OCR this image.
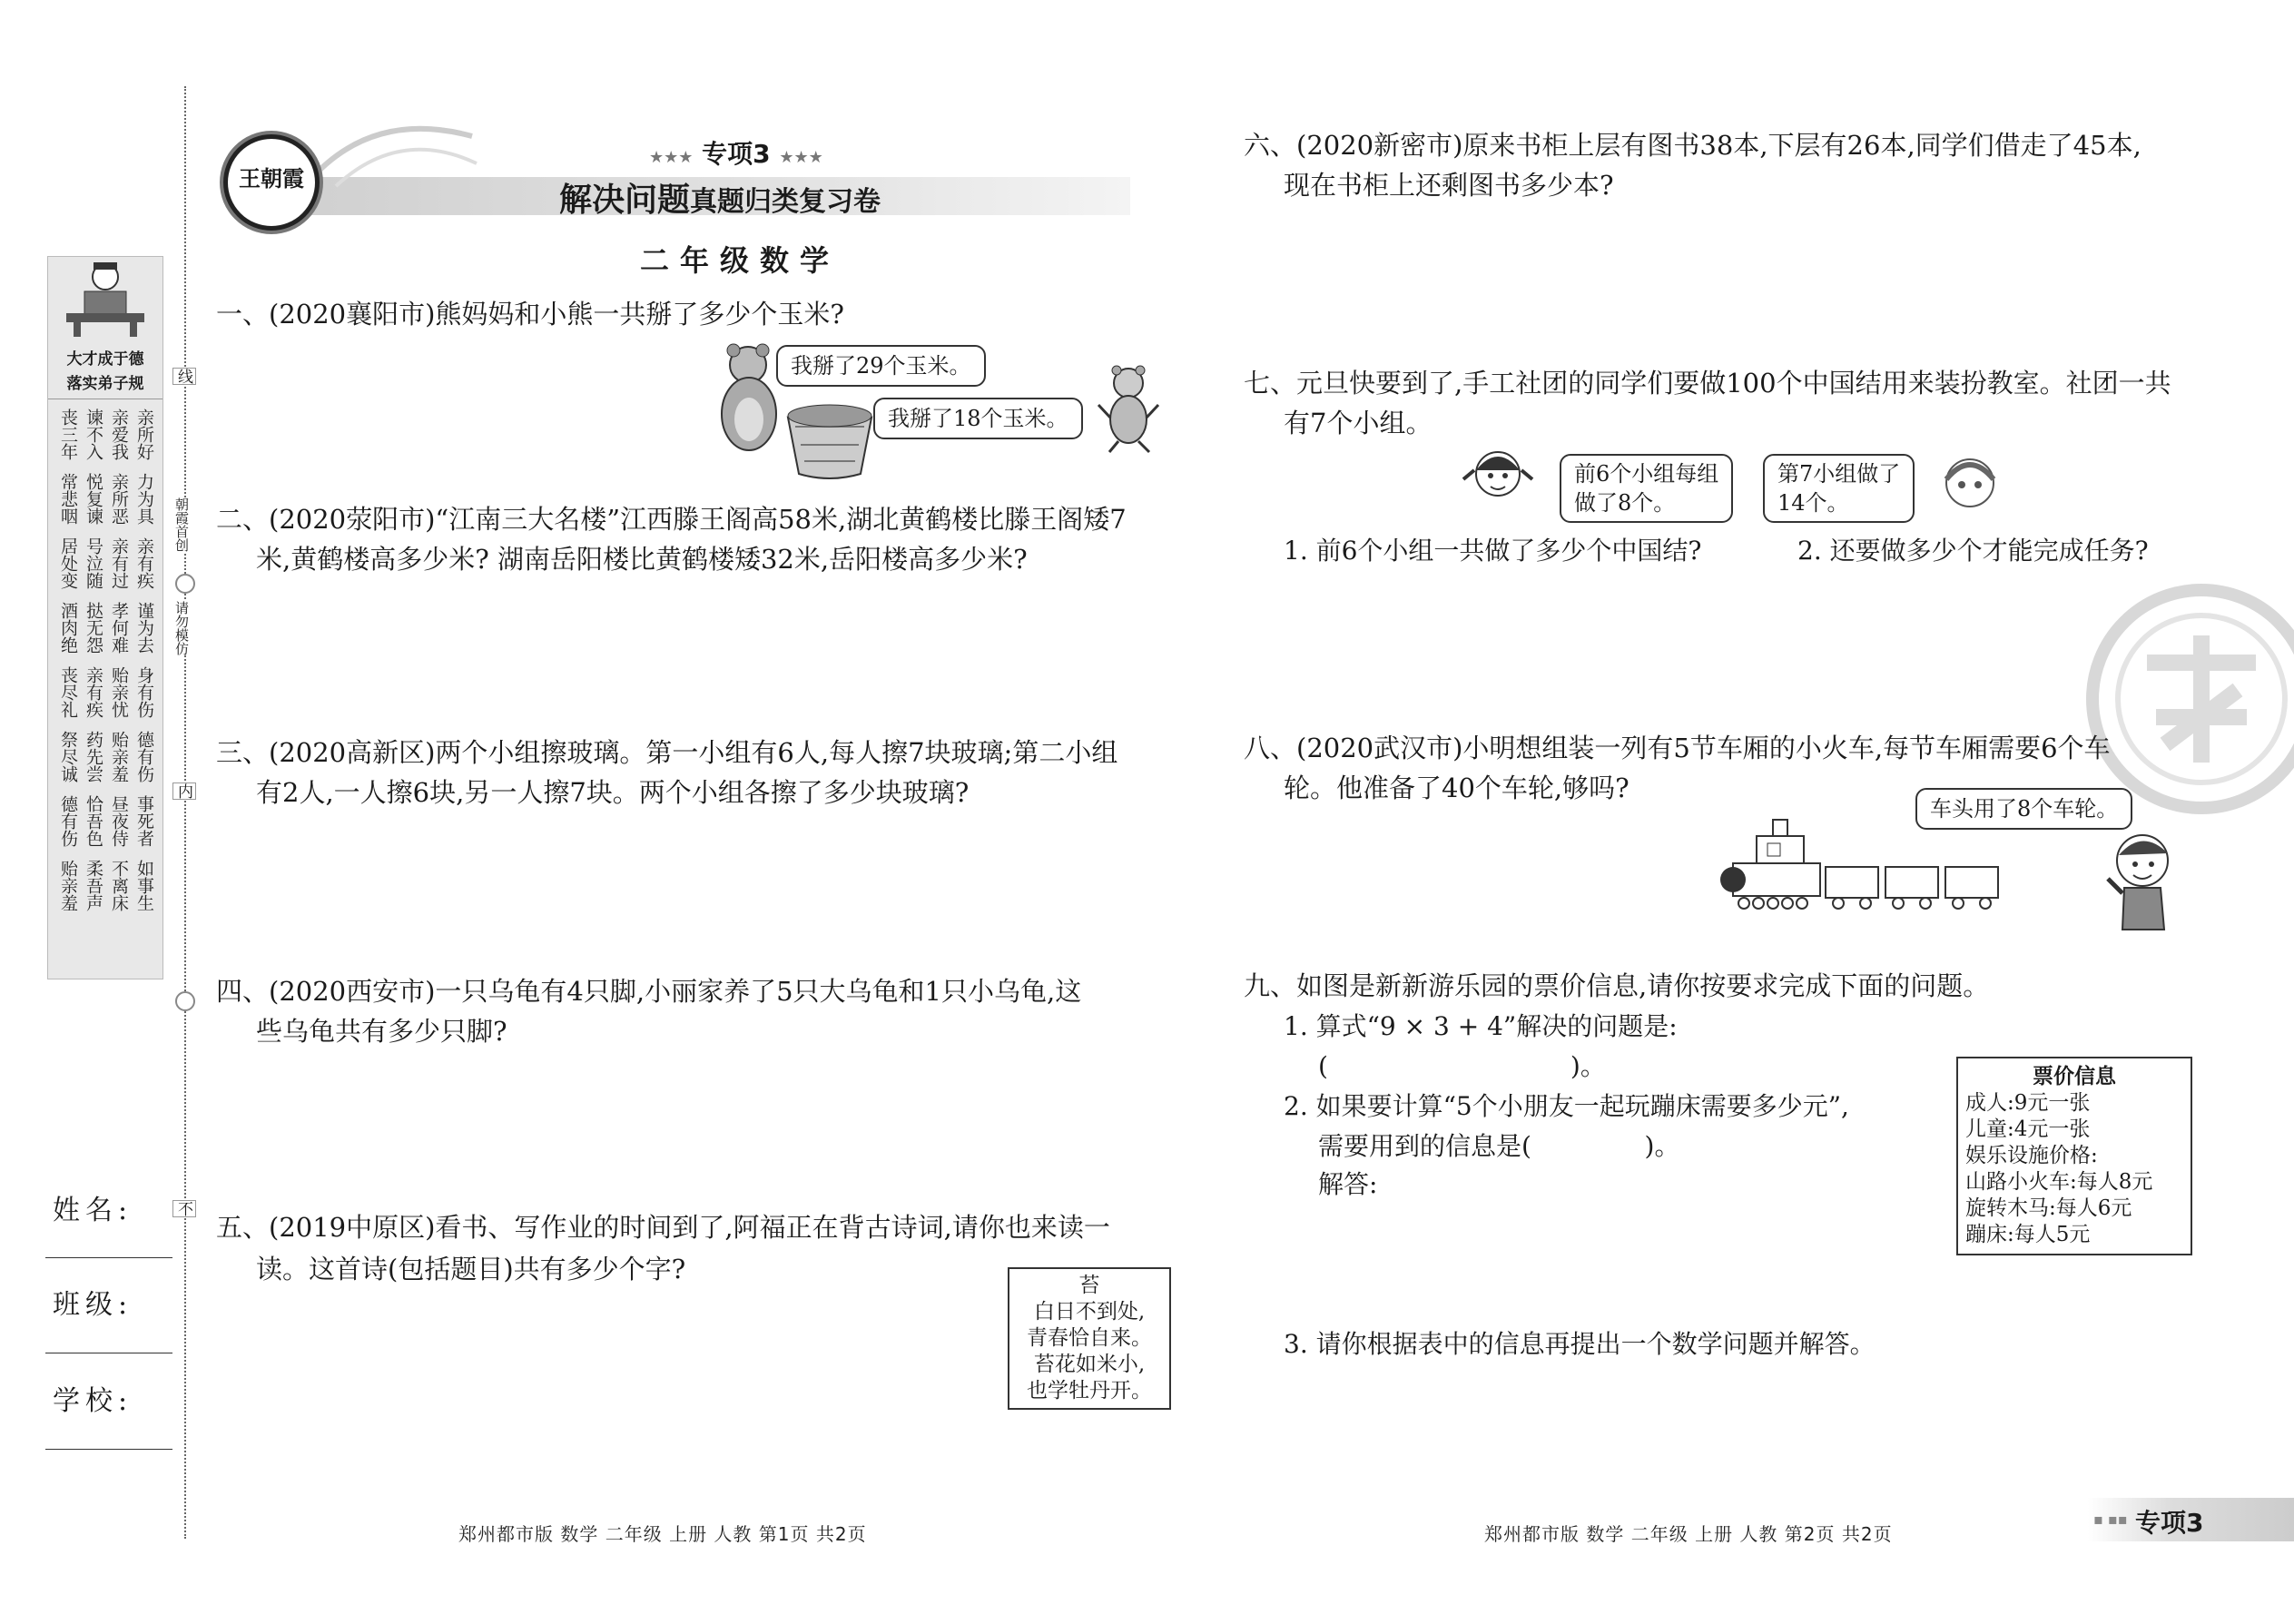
大才成于德
落实弟子规
亲所好
亲爱我
谏不入
丧三年
力为具
亲所恶
悦复谏
常悲咽
亲有疾
亲有过
号泣随
居处变
谨为去
孝何难
挞无怨
酒肉绝
身有伤
贻亲忧
亲有疾
丧尽礼
德有伤
贻亲羞
药先尝
祭尽诚
事死者
昼夜侍
恰吾色
德有伤
如事生
不离床
柔吾声
贻亲羞
线
朝霞首创
请勿模仿
内
不
姓名:
班级:
学校:
王朝霞
★★★ 专项3 ★★★
解决问题真题归类复习卷
二年级数学
一、(2020襄阳市)熊妈妈和小熊一共掰了多少个玉米?
我掰了29个玉米。
我掰了18个玉米。
二、(2020荥阳市)“江南三大名楼”江西滕王阁高58米,湖北黄鹤楼比滕王阁矮7
米,黄鹤楼高多少米? 湖南岳阳楼比黄鹤楼矮32米,岳阳楼高多少米?
三、(2020高新区)两个小组擦玻璃。第一小组有6人,每人擦7块玻璃;第二小组
有2人,一人擦6块,另一人擦7块。两个小组各擦了多少块玻璃?
四、(2020西安市)一只乌龟有4只脚,小丽家养了5只大乌龟和1只小乌龟,这
些乌龟共有多少只脚?
五、(2019中原区)看书、写作业的时间到了,阿福正在背古诗词,请你也来读一
读。这首诗(包括题目)共有多少个字?
苔
白日不到处,
青春恰自来。
苔花如米小,
也学牡丹开。
郑州都市版 数学 二年级 上册 人教 第1页 共2页
六、(2020新密市)原来书柜上层有图书38本,下层有26本,同学们借走了45本,
现在书柜上还剩图书多少本?
七、元旦快要到了,手工社团的同学们要做100个中国结用来装扮教室。社团一共
有7个小组。
前6个小组每组
做了8个。
第7小组做了
14个。
1. 前6个小组一共做了多少个中国结?	2. 还要做多少个才能完成任务?
八、(2020武汉市)小明想组装一列有5节车厢的小火车,每节车厢需要6个车
轮。他准备了40个车轮,够吗?
车头用了8个车轮。
九、如图是新新游乐园的票价信息,请你按要求完成下面的问题。
1. 算式“9 × 3 + 4”解决的问题是:
(                              )。
2. 如果要计算“5个小朋友一起玩蹦床需要多少元”,
需要用到的信息是(              )。
解答:
3. 请你根据表中的信息再提出一个数学问题并解答。
票价信息
成人:9元一张
儿童:4元一张
娱乐设施价格:
山路小火车:每人8元
旋转木马:每人6元
蹦床:每人5元
郑州都市版 数学 二年级 上册 人教 第2页 共2页
▪ ▪▪ 专项3
